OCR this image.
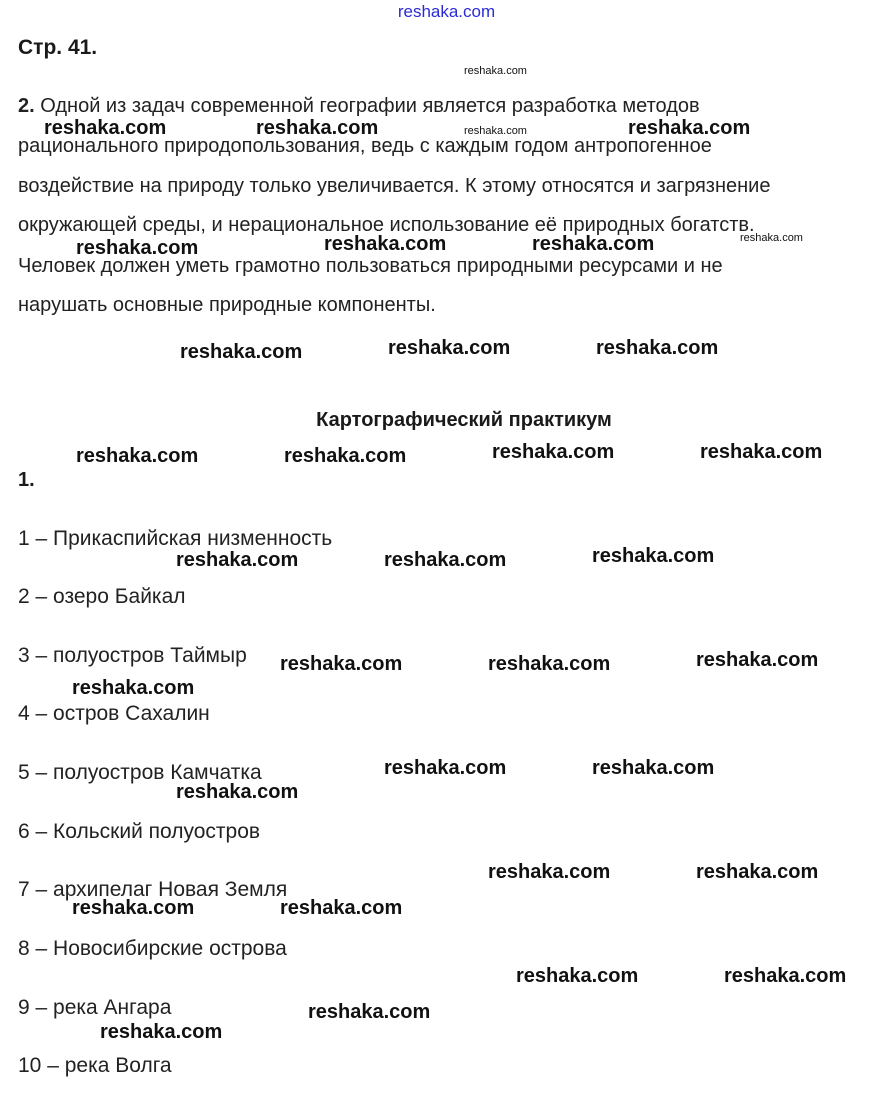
reshaka.com
Стр. 41.
2. Одной из задач современной географии является разработка методов
рационального природопользования, ведь с каждым годом антропогенное
воздействие на природу только увеличивается. К этому относятся и загрязнение
окружающей среды, и нерациональное использование её природных богатств.
Человек должен уметь грамотно пользоваться природными ресурсами и не
нарушать основные природные компоненты.
Картографический практикум
1.
1 – Прикаспийская низменность
2 – озеро Байкал
3 – полуостров Таймыр
4 – остров Сахалин
5 – полуостров Камчатка
6 – Кольский полуостров
7 – архипелаг Новая Земля
8 – Новосибирские острова
9 – река Ангара
10 – река Волга
reshaka.com
reshaka.com	reshaka.com	reshaka.com	reshaka.com
reshaka.com	reshaka.com	reshaka.com	reshaka.com
reshaka.com	reshaka.com	reshaka.com
reshaka.com	reshaka.com	reshaka.com	reshaka.com
reshaka.com	reshaka.com	reshaka.com
reshaka.com	reshaka.com	reshaka.com
reshaka.com
reshaka.com	reshaka.com
reshaka.com
reshaka.com	reshaka.com
reshaka.com	reshaka.com
reshaka.com	reshaka.com
reshaka.com
reshaka.com
